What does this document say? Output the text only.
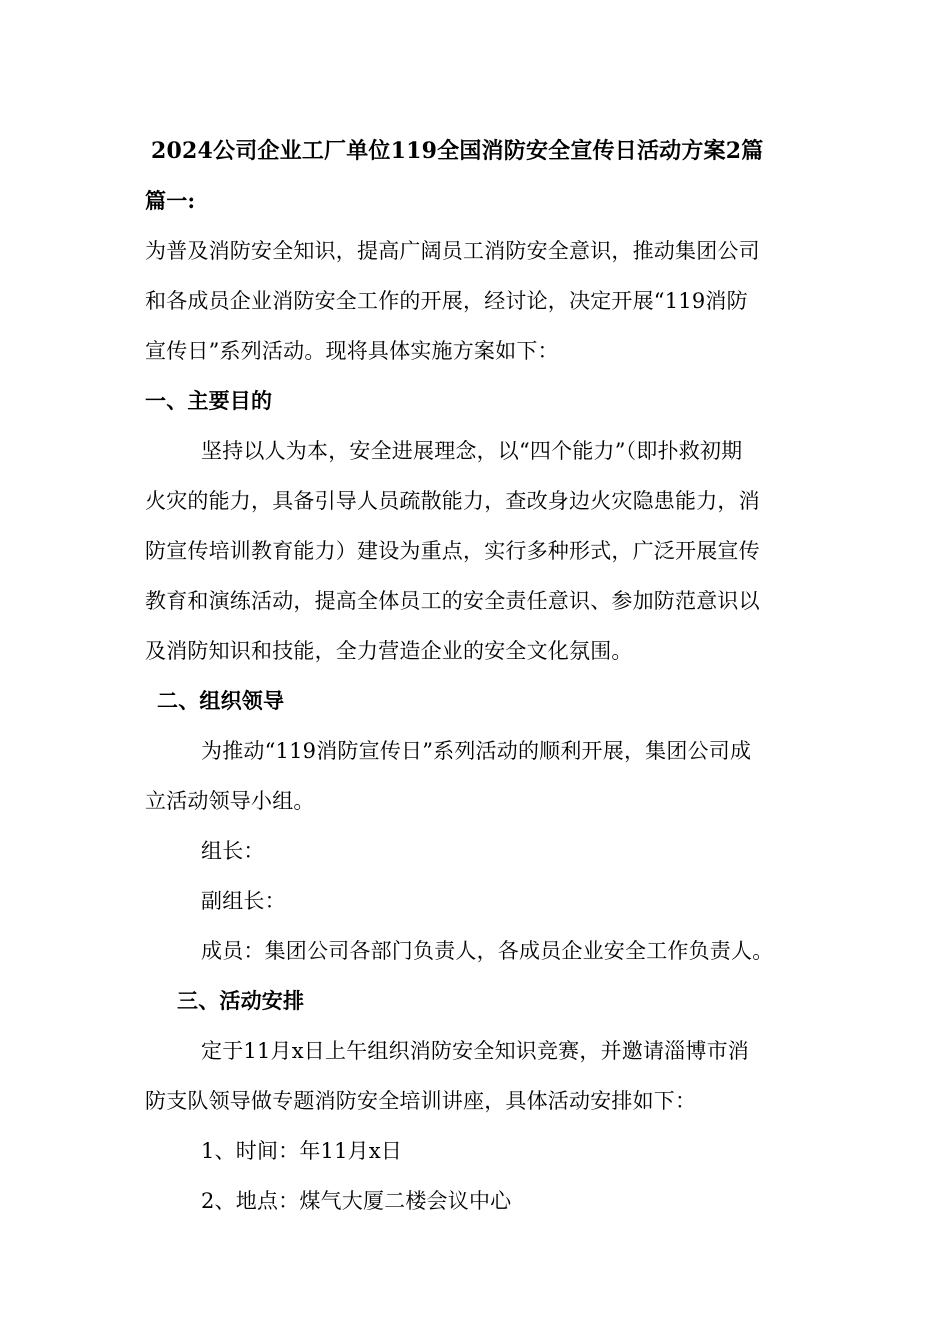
2024公司企业工厂单位119全国消防安全宣传日活动方案2篇
篇一:
为普及消防安全知识，提高广阔员工消防安全意识，推动集团公司
和各成员企业消防安全工作的开展，经讨论，决定开展“119消防
宣传日”系列活动。现将具体实施方案如下：
一、主要目的
坚持以人为本，安全进展理念，以“四个能力”（即扑救初期
火灾的能力，具备引导人员疏散能力，查改身边火灾隐患能力，消
防宣传培训教育能力）建设为重点，实行多种形式，广泛开展宣传
教育和演练活动，提高全体员工的安全责任意识、参加防范意识以
及消防知识和技能，全力营造企业的安全文化氛围。
二、组织领导
为推动“119消防宣传日”系列活动的顺利开展，集团公司成
立活动领导小组。
组长：
副组长：
成员：集团公司各部门负责人，各成员企业安全工作负责人。
三、活动安排
定于11月x日上午组织消防安全知识竞赛，并邀请淄博市消
防支队领导做专题消防安全培训讲座，具体活动安排如下：
1、时间：年11月x日
2、地点：煤气大厦二楼会议中心
